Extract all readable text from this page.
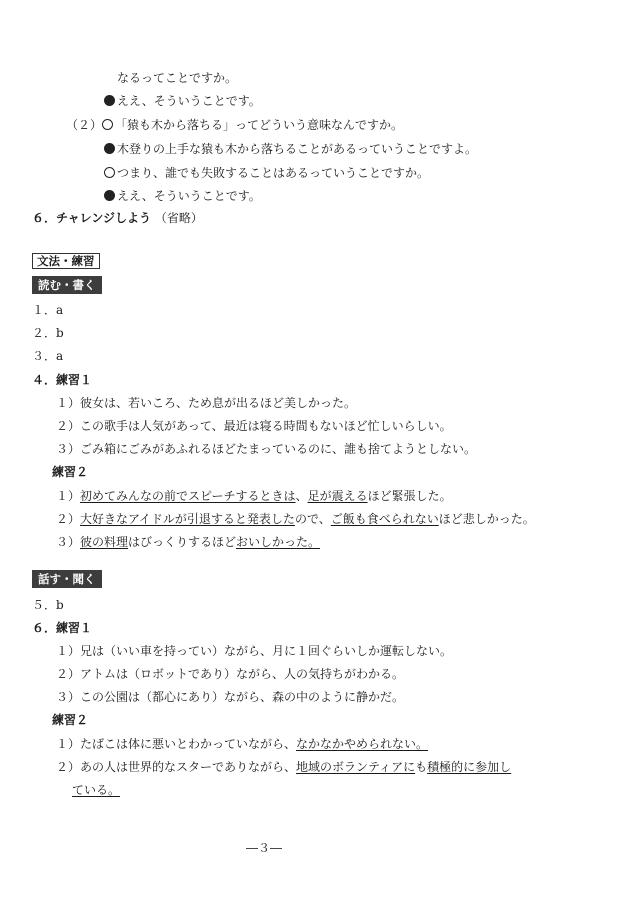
なるってことですか。
ええ、そういうことです。
（２） 「猿も木から落ちる」ってどういう意味なんですか。
木登りの上手な猿も木から落ちることがあるっていうことですよ。
つまり、誰でも失敗することはあるっていうことですか。
ええ、そういうことです。
６．チャレンジしよう （省略）
文法・練習
読む・書く
１．a
２．b
３．a
４．練習１
１）彼女は、若いころ、ため息が出るほど美しかった。
２）この歌手は人気があって、最近は寝る時間もないほど忙しいらしい。
３）ごみ箱にごみがあふれるほどたまっているのに、誰も捨てようとしない。
練習２
１）初めてみんなの前でスピーチするときは、足が震えるほど緊張した。
２）大好きなアイドルが引退すると発表したので、ご飯も食べられないほど悲しかった。
３）彼の料理はびっくりするほどおいしかった。
話す・聞く
５．b
６．練習１
１）兄は（いい車を持ってい）ながら、月に１回ぐらいしか運転しない。
２）アトムは（ロボットであり）ながら、人の気持ちがわかる。
３）この公園は（都心にあり）ながら、森の中のように静かだ。
練習２
１）たばこは体に悪いとわかっていながら、なかなかやめられない。
２）あの人は世界的なスターでありながら、地域のボランティアにも積極的に参加し
ている。
―３―
